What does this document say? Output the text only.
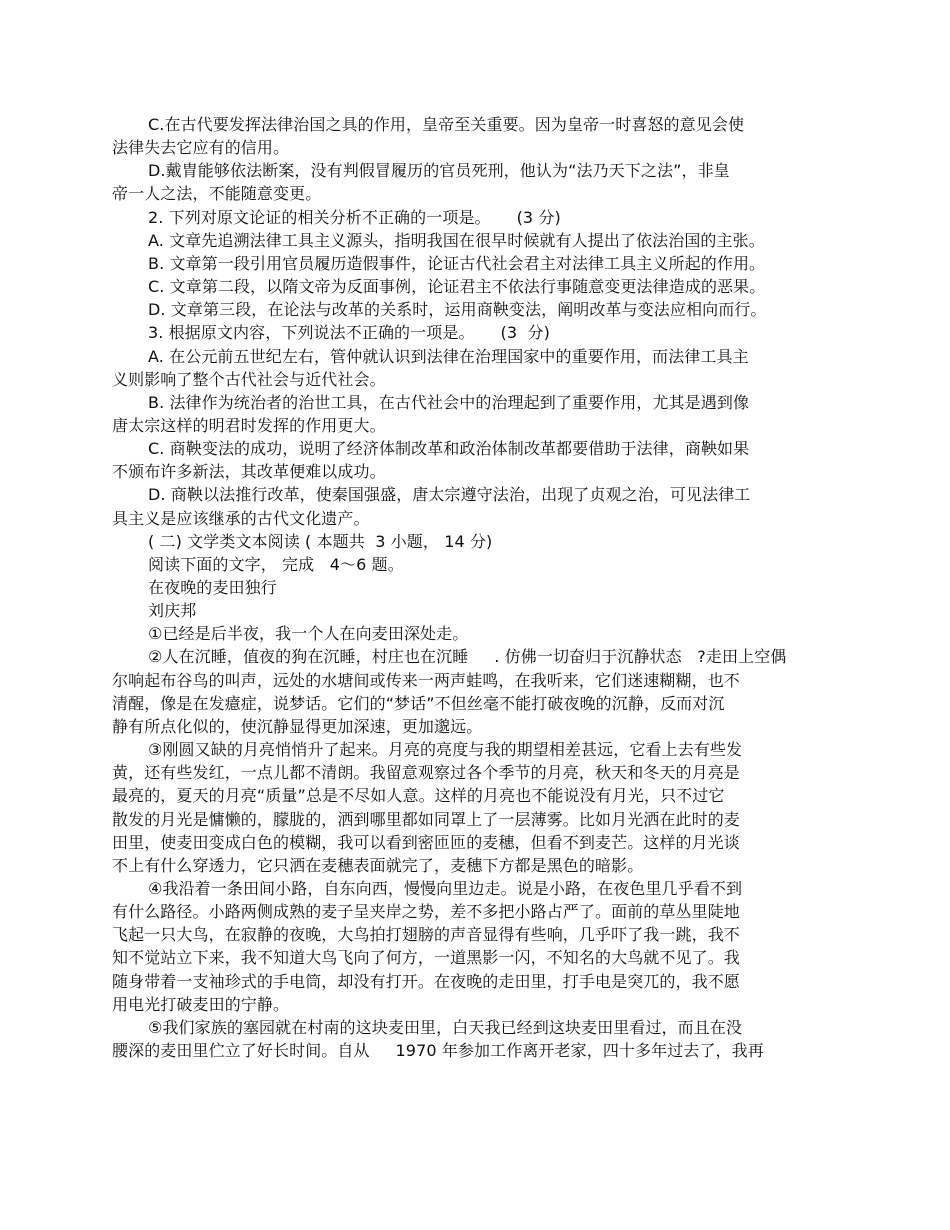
C.在古代要发挥法律治国之具的作用，皇帝至关重要。因为皇帝一时喜怒的意见会使
法律失去它应有的信用。
D.戴胄能够依法断案，没有判假冒履历的官员死刑，他认为“法乃天下之法”，非皇
帝一人之法，不能随意变更。
2. 下列对原文论证的相关分析不正确的一项是。     (3 分)
A. 文章先追溯法律工具主义源头，指明我国在很早时候就有人提出了依法治国的主张。
B. 文章第一段引用官员履历造假事件，论证古代社会君主对法律工具主义所起的作用。
C. 文章第二段，以隋文帝为反面事例，论证君主不依法行事随意变更法律造成的恶果。
D. 文章第三段，在论法与改革的关系时，运用商鞅变法，阐明改革与变法应相向而行。
3. 根据原文内容，下列说法不正确的一项是。     (3  分)
A. 在公元前五世纪左右，管仲就认识到法律在治理国家中的重要作用，而法律工具主
义则影响了整个古代社会与近代社会。
B. 法律作为统治者的治世工具，在古代社会中的治理起到了重要作用，尤其是遇到像
唐太宗这样的明君时发挥的作用更大。
C. 商鞅变法的成功，说明了经济体制改革和政治体制改革都要借助于法律，商鞅如果
不颁布许多新法，其改革便难以成功。
D. 商鞅以法推行改革，使秦国强盛，唐太宗遵守法治，出现了贞观之治，可见法律工
具主义是应该继承的古代文化遗产。
( 二) 文学类文本阅读 ( 本题共  3 小题， 14 分)
阅读下面的文字， 完成   4～6 题。
在夜晚的麦田独行
刘庆邦
①已经是后半夜，我一个人在向麦田深处走。
②人在沉睡，值夜的狗在沉睡，村庄也在沉睡     . 仿佛一切奋归于沉静状态   ?走田上空偶
尔响起布谷鸟的叫声，远处的水塘间或传来一两声蛙鸣，在我听来，它们迷速糊糊，也不
清醒，像是在发癔症，说梦话。它们的“梦话”不但丝毫不能打破夜晚的沉静，反而对沉
静有所点化似的，使沉静显得更加深速，更加邈远。
③刚圆又缺的月亮悄悄升了起来。月亮的亮度与我的期望相差甚远，它看上去有些发
黄，还有些发红，一点儿都不清朗。我留意观察过各个季节的月亮，秋天和冬天的月亮是
最亮的，夏天的月亮“质量”总是不尽如人意。这样的月亮也不能说没有月光，只不过它
散发的月光是慵懒的，朦胧的，洒到哪里都如同罩上了一层薄雾。比如月光洒在此时的麦
田里，使麦田变成白色的模糊，我可以看到密匝匝的麦穗，但看不到麦芒。这样的月光谈
不上有什么穿透力，它只洒在麦穗表面就完了，麦穗下方都是黑色的暗影。
④我沿着一条田间小路，自东向西，慢慢向里边走。说是小路，在夜色里几乎看不到
有什么路径。小路两侧成熟的麦子呈夹岸之势，差不多把小路占严了。面前的草丛里陡地
飞起一只大鸟，在寂静的夜晚，大鸟拍打翅膀的声音显得有些响，几乎吓了我一跳，我不
知不觉站立下来，我不知道大鸟飞向了何方，一道黑影一闪，不知名的大鸟就不见了。我
随身带着一支袖珍式的手电筒，却没有打开。在夜晚的走田里，打手电是突兀的，我不愿
用电光打破麦田的宁静。
⑤我们家族的塞园就在村南的这块麦田里，白天我已经到这块麦田里看过，而且在没
腰深的麦田里伫立了好长时间。自从     1970 年参加工作离开老家，四十多年过去了，我再
